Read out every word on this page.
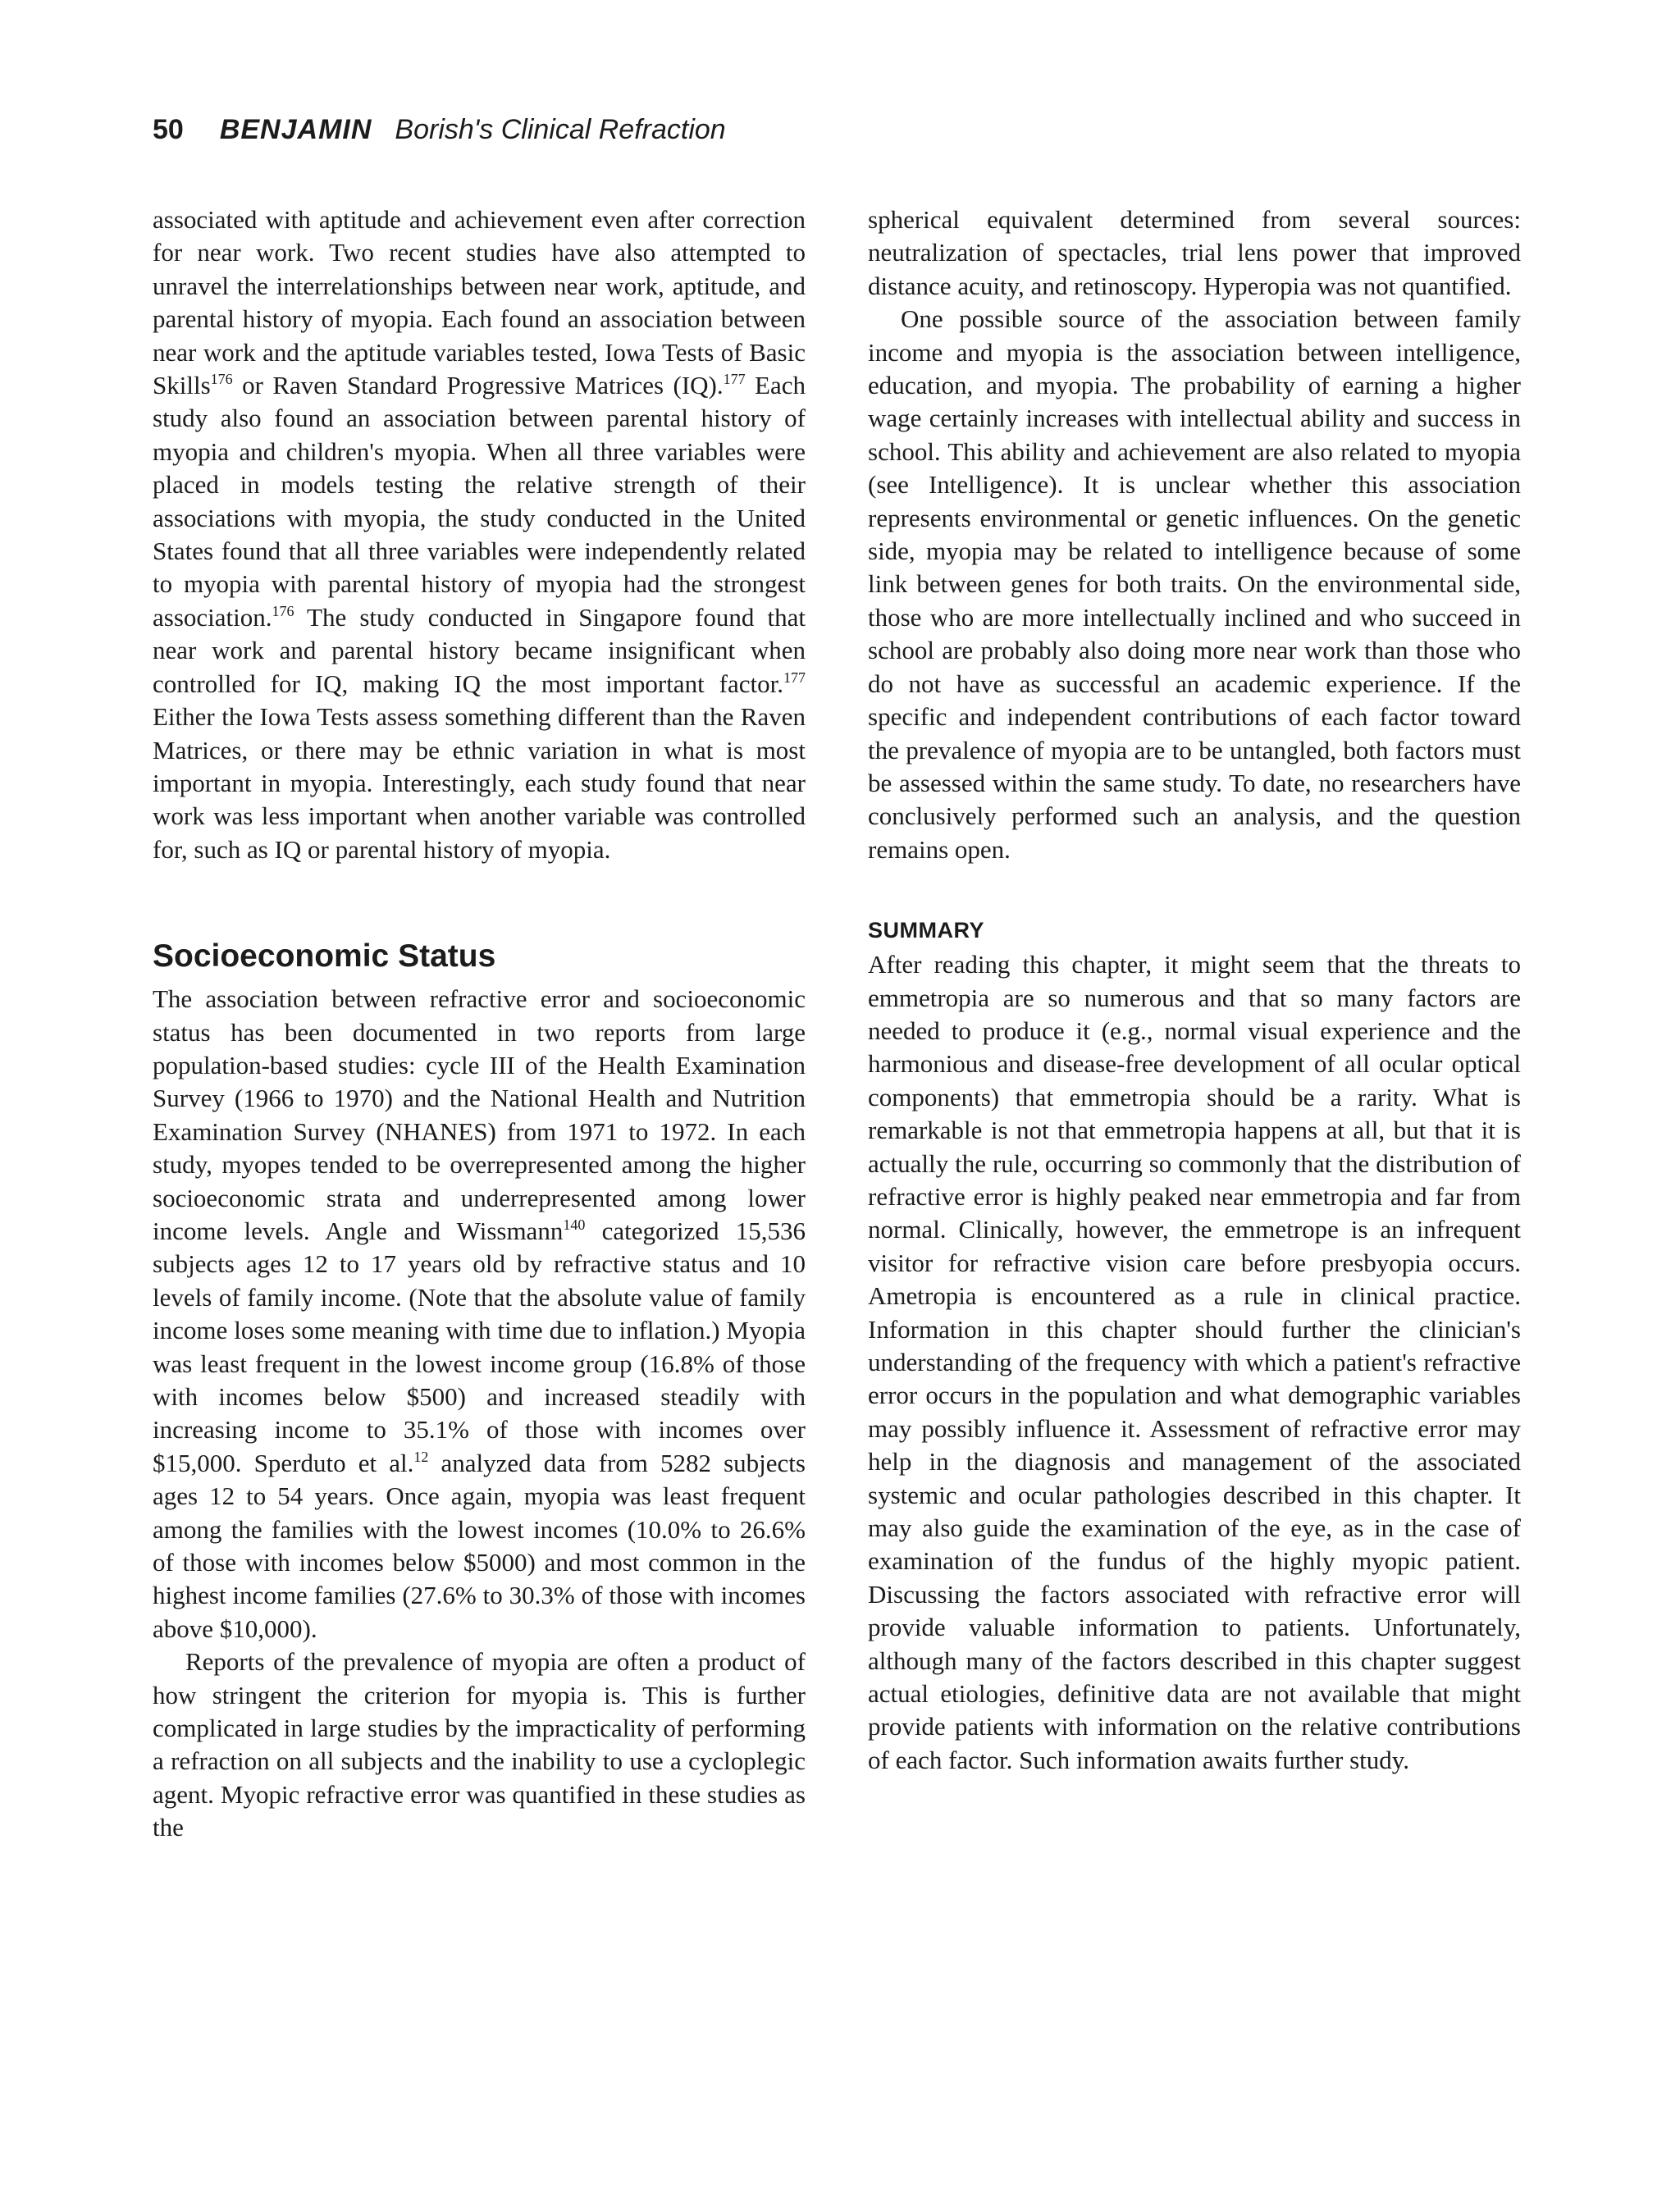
50 BENJAMIN Borish's Clinical Refraction

associated with aptitude and achievement even after correction for near work. Two recent studies have also attempted to unravel the interrelationships between near work, aptitude, and parental history of myopia. Each found an association between near work and the aptitude variables tested, Iowa Tests of Basic Skills$^{176}$ or Raven Standard Progressive Matrices (IQ).$^{177}$ Each study also found an association between parental history of myopia and children's myopia. When all three variables were placed in models testing the relative strength of their associations with myopia, the study conducted in the United States found that all three variables were independently related to myopia with parental history of myopia had the strongest association.$^{176}$ The study conducted in Singapore found that near work and parental history became insignificant when controlled for IQ, making IQ the most important factor.$^{177}$ Either the Iowa Tests assess something different than the Raven Matrices, or there may be ethnic variation in what is most important in myopia. Interestingly, each study found that near work was less important when another variable was controlled for, such as IQ or parental history of myopia.

Socioeconomic Status

The association between refractive error and socioeconomic status has been documented in two reports from large population-based studies: cycle III of the Health Examination Survey (1966 to 1970) and the National Health and Nutrition Examination Survey (NHANES) from 1971 to 1972. In each study, myopes tended to be overrepresented among the higher socioeconomic strata and underrepresented among lower income levels. Angle and Wissmann$^{140}$ categorized 15,536 subjects ages 12 to 17 years old by refractive status and 10 levels of family income. (Note that the absolute value of family income loses some meaning with time due to inflation.) Myopia was least frequent in the lowest income group (16.8% of those with incomes below $500) and increased steadily with increasing income to 35.1% of those with incomes over $15,000. Sperduto et al.$^{12}$ analyzed data from 5282 subjects ages 12 to 54 years. Once again, myopia was least frequent among the families with the lowest incomes (10.0% to 26.6% of those with incomes below $5000) and most common in the highest income families (27.6% to 30.3% of those with incomes above $10,000).

Reports of the prevalence of myopia are often a product of how stringent the criterion for myopia is. This is further complicated in large studies by the impracticality of performing a refraction on all subjects and the inability to use a cycloplegic agent. Myopic refractive error was quantified in these studies as the

spherical equivalent determined from several sources: neutralization of spectacles, trial lens power that improved distance acuity, and retinoscopy. Hyperopia was not quantified.

One possible source of the association between family income and myopia is the association between intelligence, education, and myopia. The probability of earning a higher wage certainly increases with intellectual ability and success in school. This ability and achievement are also related to myopia (see Intelligence). It is unclear whether this association represents environmental or genetic influences. On the genetic side, myopia may be related to intelligence because of some link between genes for both traits. On the environmental side, those who are more intellectually inclined and who succeed in school are probably also doing more near work than those who do not have as successful an academic experience. If the specific and independent contributions of each factor toward the prevalence of myopia are to be untangled, both factors must be assessed within the same study. To date, no researchers have conclusively performed such an analysis, and the question remains open.

SUMMARY

After reading this chapter, it might seem that the threats to emmetropia are so numerous and that so many factors are needed to produce it (e.g., normal visual experience and the harmonious and disease-free development of all ocular optical components) that emmetropia should be a rarity. What is remarkable is not that emmetropia happens at all, but that it is actually the rule, occurring so commonly that the distribution of refractive error is highly peaked near emmetropia and far from normal. Clinically, however, the emmetrope is an infrequent visitor for refractive vision care before presbyopia occurs. Ametropia is encountered as a rule in clinical practice. Information in this chapter should further the clinician's understanding of the frequency with which a patient's refractive error occurs in the population and what demographic variables may possibly influence it. Assessment of refractive error may help in the diagnosis and management of the associated systemic and ocular pathologies described in this chapter. It may also guide the examination of the eye, as in the case of examination of the fundus of the highly myopic patient. Discussing the factors associated with refractive error will provide valuable information to patients. Unfortunately, although many of the factors described in this chapter suggest actual etiologies, definitive data are not available that might provide patients with information on the relative contributions of each factor. Such information awaits further study.
